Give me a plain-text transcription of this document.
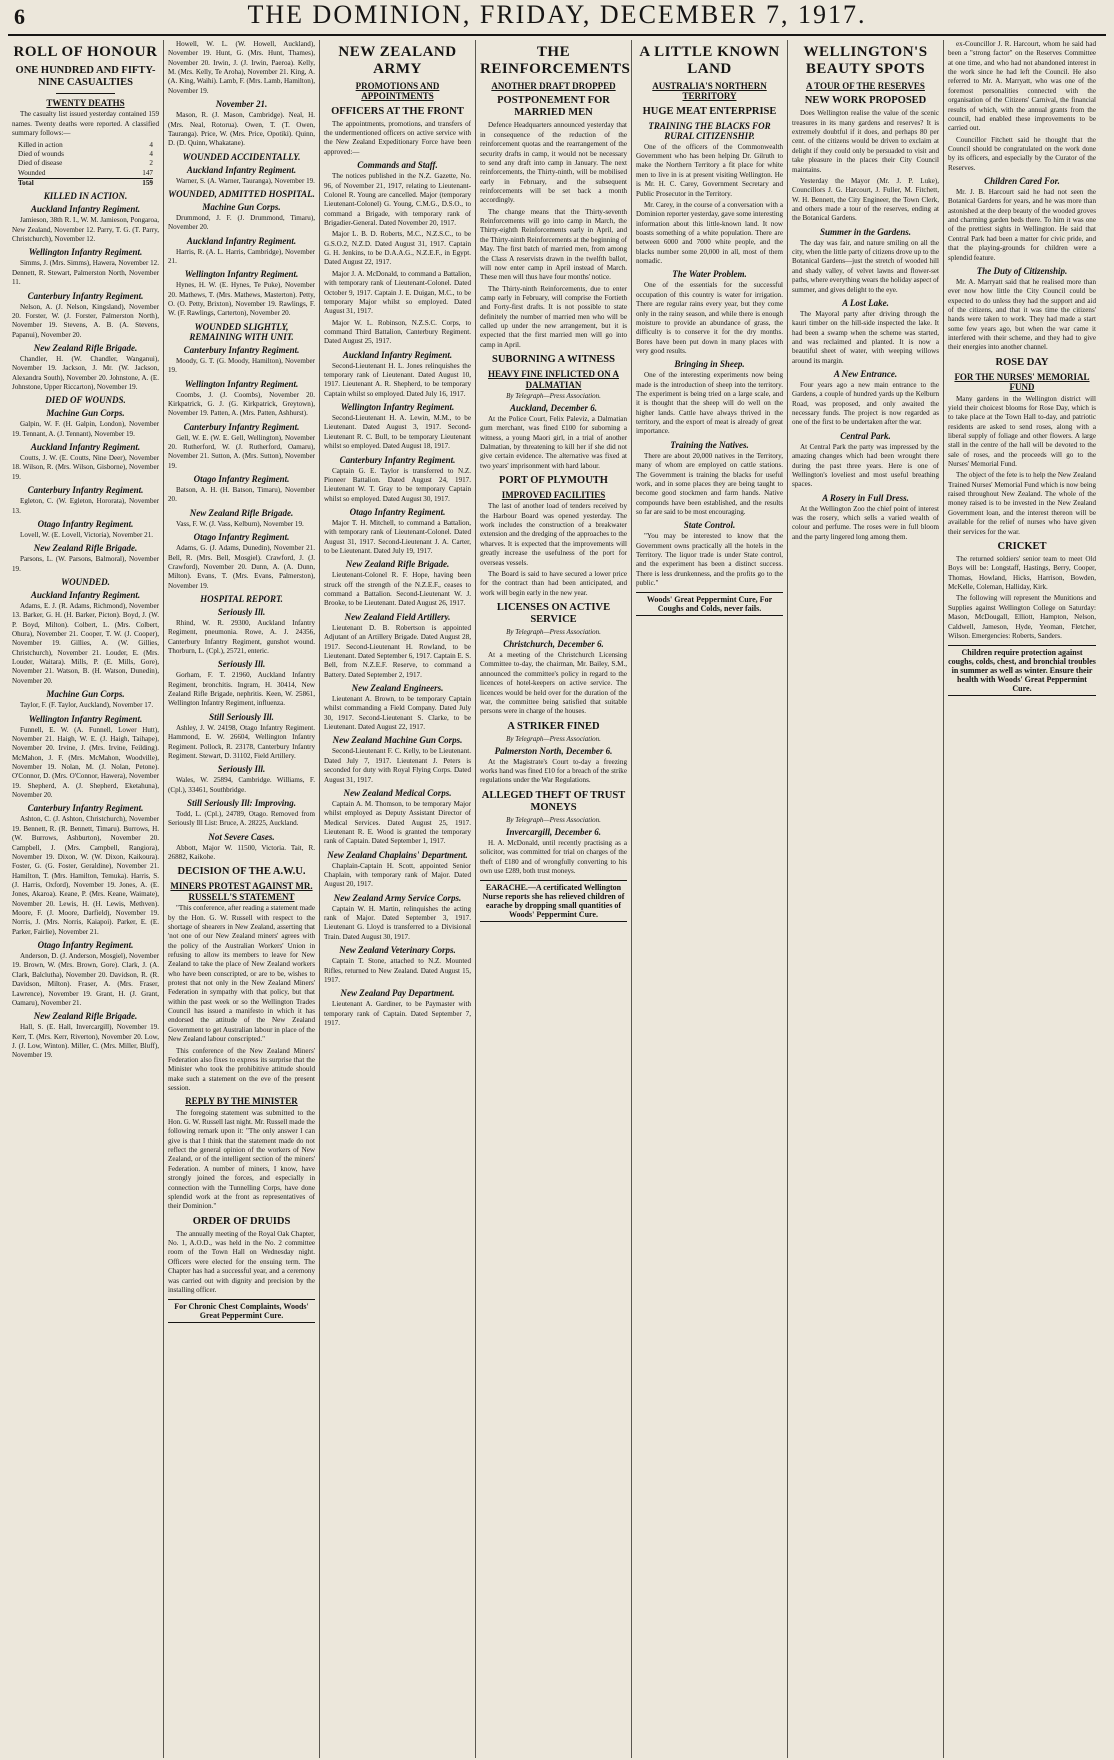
6	THE DOMINION, FRIDAY, DECEMBER 7, 1917.
ROLL OF HONOUR
ONE HUNDRED AND FIFTY-NINE CASUALTIES
TWENTY DEATHS
The casualty list issued yesterday contained 159 names. Twenty deaths were reported. A classified summary follows:—
Killed in action	4
Died of wounds	4
Died of disease	2
Wounded	147
Total	159
KILLED IN ACTION.
Auckland Infantry Regiment.
Jamieson, 38th R. I., W. M. Jamieson, Pongaroa, New Zealand, November 12. Parry, T. G. (T. Parry, Christchurch), November 12.
Wellington Infantry Regiment.
Simms, J. (Mrs. Simms), Hawera, November 12. Dennett, R. Stewart, Palmerston North, November 11.
Canterbury Infantry Regiment.
Nelson, A. (J. Nelson, Kingsland), November 20. Forster, W. (J. Forster, Palmerston North), November 19. Stevens, A. B. (A. Stevens, Papanui), November 20.
New Zealand Rifle Brigade.
Chandler, H. (W. Chandler, Wanganui), November 19. Jackson, J. Mr. (W. Jackson, Alexandra South), November 20. Johnstone, A. (E. Johnstone, Upper Riccarton), November 19.
DIED OF WOUNDS.
Machine Gun Corps.
Galpin, W. F. (H. Galpin, London), November 19. Tennant, A. (J. Tennant), November 19.
Auckland Infantry Regiment.
Coutts, J. W. (E. Coutts, Nine Deer), November 18. Wilson, R. (Mrs. Wilson, Gisborne), November 19.
Canterbury Infantry Regiment.
Egleton, C. (W. Egleton, Hororata), November 13.
Otago Infantry Regiment.
Lovell, W. (E. Lovell, Victoria), November 21.
New Zealand Rifle Brigade.
Parsons, L. (W. Parsons, Balmoral), November 19.
WOUNDED.
Auckland Infantry Regiment.
Adams, E. J. (R. Adams, Richmond), November 13. Barker, G. H. (H. Barker, Picton). Boyd, J. (W. P. Boyd, Milton). Colbert, L. (Mrs. Colbert, Ohura), November 21. Cooper, T. W. (J. Cooper), November 19. Gillies, A. (W. Gillies, Christchurch), November 21. Louder, E. (Mrs. Louder, Waitara). Mills, P. (E. Mills, Gore), November 21. Watson, B. (H. Watson, Dunedin), November 20.
Machine Gun Corps.
Taylor, F. (F. Taylor, Auckland), November 17.
Wellington Infantry Regiment.
Funnell, E. W. (A. Funnell, Lower Hutt), November 21. Haigh, W. E. (J. Haigh, Taihape), November 20. Irvine, J. (Mrs. Irvine, Feilding). McMahon, J. F. (Mrs. McMahon, Woodville), November 19. Nolan, M. (J. Nolan, Petone). O'Connor, D. (Mrs. O'Connor, Hawera), November 19. Shepherd, A. (J. Shepherd, Eketahuna), November 20.
Canterbury Infantry Regiment.
Ashton, C. (J. Ashton, Christchurch), November 19. Bennett, R. (R. Bennett, Timaru). Burrows, H. (W. Burrows, Ashburton), November 20. Campbell, J. (Mrs. Campbell, Rangiora), November 19. Dixon, W. (W. Dixon, Kaikoura). Foster, G. (G. Foster, Geraldine), November 21. Hamilton, T. (Mrs. Hamilton, Temuka). Harris, S. (J. Harris, Oxford), November 19. Jones, A. (E. Jones, Akaroa). Keane, P. (Mrs. Keane, Waimate), November 20. Lewis, H. (H. Lewis, Methven). Moore, F. (J. Moore, Darfield), November 19. Norris, J. (Mrs. Norris, Kaiapoi). Parker, E. (E. Parker, Fairlie), November 21.
Otago Infantry Regiment.
Anderson, D. (J. Anderson, Mosgiel), November 19. Brown, W. (Mrs. Brown, Gore). Clark, J. (A. Clark, Balclutha), November 20. Davidson, R. (R. Davidson, Milton). Fraser, A. (Mrs. Fraser, Lawrence), November 19. Grant, H. (J. Grant, Oamaru), November 21.
New Zealand Rifle Brigade.
Hall, S. (E. Hall, Invercargill), November 19. Kerr, T. (Mrs. Kerr, Riverton), November 20. Low, J. (J. Low, Winton). Miller, C. (Mrs. Miller, Bluff), November 19.
Howell, W. L. (W. Howell, Auckland), November 19. Hunt, G. (Mrs. Hunt, Thames), November 20. Irwin, J. (J. Irwin, Paeroa). Kelly, M. (Mrs. Kelly, Te Aroha), November 21. King, A. (A. King, Waihi). Lamb, F. (Mrs. Lamb, Hamilton), November 19.
November 21.
Mason, R. (J. Mason, Cambridge). Neal, H. (Mrs. Neal, Rotorua). Owen, T. (T. Owen, Tauranga). Price, W. (Mrs. Price, Opotiki). Quinn, D. (D. Quinn, Whakatane).
WOUNDED ACCIDENTALLY.
Auckland Infantry Regiment.
Warner, S. (A. Warner, Tauranga), November 19.
WOUNDED, ADMITTED HOSPITAL.
Machine Gun Corps.
Drummond, J. F. (J. Drummond, Timaru), November 20.
Auckland Infantry Regiment.
Harris, R. (A. L. Harris, Cambridge), November 21.
Wellington Infantry Regiment.
Hynes, H. W. (E. Hynes, Te Puke), November 20. Mathews, T. (Mrs. Mathews, Masterton). Petty, O. (O. Petty, Brixton), November 19. Rawlings, F. W. (F. Rawlings, Carterton), November 20.
WOUNDED SLIGHTLY, REMAINING WITH UNIT.
Canterbury Infantry Regiment.
Moody, G. T. (G. Moody, Hamilton), November 19.
Wellington Infantry Regiment.
Coombs, J. (J. Coombs), November 20. Kirkpatrick, G. J. (G. Kirkpatrick, Greytown), November 19. Patten, A. (Mrs. Patten, Ashhurst).
Canterbury Infantry Regiment.
Gell, W. E. (W. E. Gell, Wellington), November 20. Rutherford, W. (J. Rutherford, Oamaru), November 21. Sutton, A. (Mrs. Sutton), November 19.
Otago Infantry Regiment.
Batson, A. H. (H. Batson, Timaru), November 20.
New Zealand Rifle Brigade.
Vass, F. W. (J. Vass, Kelburn), November 19.
Otago Infantry Regiment.
Adams, G. (J. Adams, Dunedin), November 21. Bell, R. (Mrs. Bell, Mosgiel). Crawford, J. (J. Crawford), November 20. Dunn, A. (A. Dunn, Milton). Evans, T. (Mrs. Evans, Palmerston), November 19.
HOSPITAL REPORT.
Seriously Ill.
Rhind, W. R. 29300, Auckland Infantry Regiment, pneumonia. Rowe, A. J. 24356, Canterbury Infantry Regiment, gunshot wound. Thorburn, L. (Cpl.), 25721, enteric.
Seriously Ill.
Gorham, F. T. 21960, Auckland Infantry Regiment, bronchitis. Ingram, H. 30414, New Zealand Rifle Brigade, nephritis. Keen, W. 25861, Wellington Infantry Regiment, influenza.
Still Seriously Ill.
Ashley, J. W. 24198, Otago Infantry Regiment. Hammond, E. W. 26604, Wellington Infantry Regiment. Pollock, R. 23178, Canterbury Infantry Regiment. Stewart, D. 31102, Field Artillery.
Seriously Ill.
Wales, W. 25894, Cambridge. Williams, F. (Cpl.), 33461, Southbridge.
Still Seriously Ill: Improving.
Todd, L. (Cpl.), 24789, Otago. Removed from Seriously Ill List: Bruce, A. 28225, Auckland.
Not Severe Cases.
Abbott, Major W. 11500, Victoria. Tait, R. 26882, Kaikohe.
DECISION OF THE A.W.U.
MINERS PROTEST AGAINST MR. RUSSELL'S STATEMENT
"This conference, after reading a statement made by the Hon. G. W. Russell with respect to the shortage of shearers in New Zealand, asserting that 'not one of our New Zealand miners' agrees with the policy of the Australian Workers' Union in refusing to allow its members to leave for New Zealand to take the place of New Zealand workers who have been conscripted, or are to be, wishes to protest that not only in the New Zealand Miners' Federation in sympathy with that policy, but that within the past week or so the Wellington Trades Council has issued a manifesto in which it has endorsed the attitude of the New Zealand Government to get Australian labour in place of the New Zealand labour conscripted."
This conference of the New Zealand Miners' Federation also fixes to express its surprise that the Minister who took the prohibitive attitude should make such a statement on the eve of the present session.
REPLY BY THE MINISTER
The foregoing statement was submitted to the Hon. G. W. Russell last night. Mr. Russell made the following remark upon it: "The only answer I can give is that I think that the statement made do not reflect the general opinion of the workers of New Zealand, or of the intelligent section of the miners' Federation. A number of miners, I know, have strongly joined the forces, and especially in connection with the Tunnelling Corps, have done splendid work at the front as representatives of their Dominion."
ORDER OF DRUIDS
The annually meeting of the Royal Oak Chapter, No. 1, A.O.D., was held in the No. 2 committee room of the Town Hall on Wednesday night. Officers were elected for the ensuing term. The Chapter has had a successful year, and a ceremony was carried out with dignity and precision by the installing officer.
For Chronic Chest Complaints, Woods' Great Peppermint Cure.
NEW ZEALAND ARMY
PROMOTIONS AND APPOINTMENTS
OFFICERS AT THE FRONT
The appointments, promotions, and transfers of the undermentioned officers on active service with the New Zealand Expeditionary Force have been approved:—
Commands and Staff.
The notices published in the N.Z. Gazette, No. 96, of November 21, 1917, relating to Lieutenant-Colonel R. Young are cancelled. Major (temporary Lieutenant-Colonel) G. Young, C.M.G., D.S.O., to command a Brigade, with temporary rank of Brigadier-General. Dated November 20, 1917.
Major L. B. D. Roberts, M.C., N.Z.S.C., to be G.S.O.2, N.Z.D. Dated August 31, 1917. Captain G. H. Jenkins, to be D.A.A.G., N.Z.E.F., in Egypt. Dated August 22, 1917.
Major J. A. McDonald, to command a Battalion, with temporary rank of Lieutenant-Colonel. Dated October 9, 1917. Captain J. E. Duigan, M.C., to be temporary Major whilst so employed. Dated August 31, 1917.
Major W. L. Robinson, N.Z.S.C. Corps, to command Third Battalion, Canterbury Regiment. Dated August 25, 1917.
Auckland Infantry Regiment.
Second-Lieutenant H. L. Jones relinquishes the temporary rank of Lieutenant. Dated August 10, 1917. Lieutenant A. R. Shepherd, to be temporary Captain whilst so employed. Dated July 16, 1917.
Wellington Infantry Regiment.
Second-Lieutenant H. A. Lewin, M.M., to be Lieutenant. Dated August 3, 1917. Second-Lieutenant R. C. Bull, to be temporary Lieutenant whilst so employed. Dated August 18, 1917.
Canterbury Infantry Regiment.
Captain G. E. Taylor is transferred to N.Z. Pioneer Battalion. Dated August 24, 1917. Lieutenant W. T. Gray to be temporary Captain whilst so employed. Dated August 30, 1917.
Otago Infantry Regiment.
Major T. H. Mitchell, to command a Battalion, with temporary rank of Lieutenant-Colonel. Dated August 31, 1917. Second-Lieutenant J. A. Carter, to be Lieutenant. Dated July 19, 1917.
New Zealand Rifle Brigade.
Lieutenant-Colonel R. F. Hope, having been struck off the strength of the N.Z.E.F., ceases to command a Battalion. Second-Lieutenant W. J. Brooke, to be Lieutenant. Dated August 26, 1917.
New Zealand Field Artillery.
Lieutenant D. B. Robertson is appointed Adjutant of an Artillery Brigade. Dated August 28, 1917. Second-Lieutenant H. Rowland, to be Lieutenant. Dated September 6, 1917. Captain E. S. Bell, from N.Z.E.F. Reserve, to command a Battery. Dated September 2, 1917.
New Zealand Engineers.
Lieutenant A. Brown, to be temporary Captain whilst commanding a Field Company. Dated July 30, 1917. Second-Lieutenant S. Clarke, to be Lieutenant. Dated August 22, 1917.
New Zealand Machine Gun Corps.
Second-Lieutenant F. C. Kelly, to be Lieutenant. Dated July 7, 1917. Lieutenant J. Peters is seconded for duty with Royal Flying Corps. Dated August 31, 1917.
New Zealand Medical Corps.
Captain A. M. Thomson, to be temporary Major whilst employed as Deputy Assistant Director of Medical Services. Dated August 25, 1917. Lieutenant R. E. Wood is granted the temporary rank of Captain. Dated September 1, 1917.
New Zealand Chaplains' Department.
Chaplain-Captain H. Scott, appointed Senior Chaplain, with temporary rank of Major. Dated August 20, 1917.
New Zealand Army Service Corps.
Captain W. H. Martin, relinquishes the acting rank of Major. Dated September 3, 1917. Lieutenant G. Lloyd is transferred to a Divisional Train. Dated August 30, 1917.
New Zealand Veterinary Corps.
Captain T. Stone, attached to N.Z. Mounted Rifles, returned to New Zealand. Dated August 15, 1917.
New Zealand Pay Department.
Lieutenant A. Gardiner, to be Paymaster with temporary rank of Captain. Dated September 7, 1917.
THE REINFORCEMENTS
ANOTHER DRAFT DROPPED
POSTPONEMENT FOR MARRIED MEN
Defence Headquarters announced yesterday that in consequence of the reduction of the reinforcement quotas and the rearrangement of the security drafts in camp, it would not be necessary to send any draft into camp in January. The next reinforcements, the Thirty-ninth, will be mobilised early in February, and the subsequent reinforcements will be set back a month accordingly.
The change means that the Thirty-seventh Reinforcements will go into camp in March, the Thirty-eighth Reinforcements early in April, and the Thirty-ninth Reinforcements at the beginning of May. The first batch of married men, from among the Class A reservists drawn in the twelfth ballot, will now enter camp in April instead of March. These men will thus have four months' notice.
The Thirty-ninth Reinforcements, due to enter camp early in February, will comprise the Fortieth and Forty-first drafts. It is not possible to state definitely the number of married men who will be called up under the new arrangement, but it is expected that the first married men will go into camp in April.
SUBORNING A WITNESS
HEAVY FINE INFLICTED ON A DALMATIAN
By Telegraph—Press Association.
Auckland, December 6.
At the Police Court, Felix Paleviz, a Dalmatian gum merchant, was fined £100 for suborning a witness, a young Maori girl, in a trial of another Dalmatian, by threatening to kill her if she did not give certain evidence. The alternative was fixed at two years' imprisonment with hard labour.
PORT OF PLYMOUTH
IMPROVED FACILITIES
The last of another load of tenders received by the Harbour Board was opened yesterday. The work includes the construction of a breakwater extension and the dredging of the approaches to the wharves. It is expected that the improvements will greatly increase the usefulness of the port for overseas vessels.
The Board is said to have secured a lower price for the contract than had been anticipated, and work will begin early in the new year.
LICENSES ON ACTIVE SERVICE
By Telegraph—Press Association.
Christchurch, December 6.
At a meeting of the Christchurch Licensing Committee to-day, the chairman, Mr. Bailey, S.M., announced the committee's policy in regard to the licences of hotel-keepers on active service. The licences would be held over for the duration of the war, the committee being satisfied that suitable persons were in charge of the houses.
A STRIKER FINED
By Telegraph—Press Association.
Palmerston North, December 6.
At the Magistrate's Court to-day a freezing works hand was fined £10 for a breach of the strike regulations under the War Regulations.
ALLEGED THEFT OF TRUST MONEYS
By Telegraph—Press Association.
Invercargill, December 6.
H. A. McDonald, until recently practising as a solicitor, was committed for trial on charges of the theft of £180 and of wrongfully converting to his own use £289, both trust moneys.
EARACHE.—A certificated Wellington Nurse reports she has relieved children of earache by dropping small quantities of Woods' Peppermint Cure.
A LITTLE KNOWN LAND
AUSTRALIA'S NORTHERN TERRITORY
HUGE MEAT ENTERPRISE
TRAINING THE BLACKS FOR RURAL CITIZENSHIP.
One of the officers of the Commonwealth Government who has been helping Dr. Gilruth to make the Northern Territory a fit place for white men to live in is at present visiting Wellington. He is Mr. H. C. Carey, Government Secretary and Public Prosecutor in the Territory.
Mr. Carey, in the course of a conversation with a Dominion reporter yesterday, gave some interesting information about this little-known land. It now boasts something of a white population. There are between 6000 and 7000 white people, and the blacks number some 20,000 in all, most of them nomadic.
The Water Problem.
One of the essentials for the successful occupation of this country is water for irrigation. There are regular rains every year, but they come only in the rainy season, and while there is enough moisture to provide an abundance of grass, the difficulty is to conserve it for the dry months. Bores have been put down in many places with very good results.
Bringing in Sheep.
One of the interesting experiments now being made is the introduction of sheep into the territory. The experiment is being tried on a large scale, and it is thought that the sheep will do well on the higher lands. Cattle have always thrived in the territory, and the export of meat is already of great importance.
Training the Natives.
There are about 20,000 natives in the Territory, many of whom are employed on cattle stations. The Government is training the blacks for useful work, and in some places they are being taught to become good stockmen and farm hands. Native compounds have been established, and the results so far are said to be most encouraging.
State Control.
"You may be interested to know that the Government owns practically all the hotels in the Territory. The liquor trade is under State control, and the experiment has been a distinct success. There is less drunkenness, and the profits go to the public."
Woods' Great Peppermint Cure, For Coughs and Colds, never fails.
WELLINGTON'S BEAUTY SPOTS
A TOUR OF THE RESERVES
NEW WORK PROPOSED
Does Wellington realise the value of the scenic treasures in its many gardens and reserves? It is extremely doubtful if it does, and perhaps 80 per cent. of the citizens would be driven to exclaim at delight if they could only be persuaded to visit and take pleasure in the places their City Council maintains.
Yesterday the Mayor (Mr. J. P. Luke), Councillors J. G. Harcourt, J. Fuller, M. Fitchett, W. H. Bennett, the City Engineer, the Town Clerk, and others made a tour of the reserves, ending at the Botanical Gardens.
Summer in the Gardens.
The day was fair, and nature smiling on all the city, when the little party of citizens drove up to the Botanical Gardens—just the stretch of wooded hill and shady valley, of velvet lawns and flower-set paths, where everything wears the holiday aspect of summer, and gives delight to the eye.
A Lost Lake.
The Mayoral party after driving through the kauri timber on the hill-side inspected the lake. It had been a swamp when the scheme was started, and was reclaimed and planted. It is now a beautiful sheet of water, with weeping willows around its margin.
A New Entrance.
Four years ago a new main entrance to the Gardens, a couple of hundred yards up the Kelburn Road, was proposed, and only awaited the necessary funds. The project is now regarded as one of the first to be undertaken after the war.
Central Park.
At Central Park the party was impressed by the amazing changes which had been wrought there during the past three years. Here is one of Wellington's loveliest and most useful breathing spaces.
A Rosery in Full Dress.
At the Wellington Zoo the chief point of interest was the rosery, which sells a varied wealth of colour and perfume. The roses were in full bloom and the party lingered long among them.
ex-Councillor J. R. Harcourt, whom he said had been a "strong factor" on the Reserves Committee at one time, and who had not abandoned interest in the work since he had left the Council. He also referred to Mr. A. Marryatt, who was one of the foremost personalities connected with the organisation of the Citizens' Carnival, the financial results of which, with the annual grants from the council, had enabled these improvements to be carried out.
Councillor Fitchett said he thought that the Council should be congratulated on the work done by its officers, and especially by the Curator of the Reserves.
Children Cared For.
Mr. J. B. Harcourt said he had not seen the Botanical Gardens for years, and he was more than astonished at the deep beauty of the wooded groves and charming garden beds there. To him it was one of the prettiest sights in Wellington. He said that Central Park had been a matter for civic pride, and that the playing-grounds for children were a splendid feature.
The Duty of Citizenship.
Mr. A. Marryatt said that he realised more than ever now how little the City Council could be expected to do unless they had the support and aid of the citizens, and that it was time the citizens' hands were taken to work. They had made a start some few years ago, but when the war came it interfered with their scheme, and they had to give their energies into another channel.
ROSE DAY
FOR THE NURSES' MEMORIAL FUND
Many gardens in the Wellington district will yield their choicest blooms for Rose Day, which is to take place at the Town Hall to-day, and patriotic residents are asked to send roses, along with a liberal supply of foliage and other flowers. A large stall in the centre of the hall will be devoted to the sale of roses, and the proceeds will go to the Nurses' Memorial Fund.
The object of the fete is to help the New Zealand Trained Nurses' Memorial Fund which is now being raised throughout New Zealand. The whole of the money raised is to be invested in the New Zealand Government loan, and the interest thereon will be available for the relief of nurses who have given their services for the war.
CRICKET
The returned soldiers' senior team to meet Old Boys will be: Longstaff, Hastings, Berry, Cooper, Thomas, Howland, Hicks, Harrison, Bowden, McKelle, Coleman, Halliday, Kirk.
The following will represent the Munitions and Supplies against Wellington College on Saturday: Mason, McDougall, Elliott, Hampton, Nelson, Caldwell, Jameson, Hyde, Yeoman, Fletcher, Wilson. Emergencies: Roberts, Sanders.
Children require protection against coughs, colds, chest, and bronchial troubles in summer as well as winter. Ensure their health with Woods' Great Peppermint Cure.
